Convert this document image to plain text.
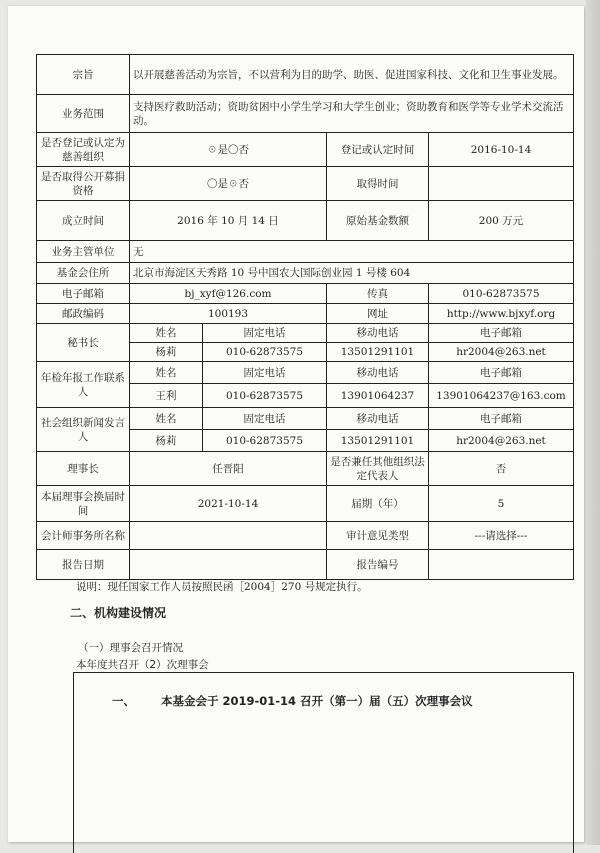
宗旨	以开展慈善活动为宗旨，不以营利为目的助学、助医、促进国家科技、文化和卫生事业发展。			
业务范围	支持医疗救助活动；资助贫困中小学生学习和大学生创业；资助教育和医学等专业学术交流活动。			
是否登记或认定为慈善组织	☉是〇否		登记或认定时间	2016-10-14
是否取得公开募捐资格	〇是☉否		取得时间	
成立时间	2016 年 10 月 14 日		原始基金数额	200 万元
业务主管单位	无			
基金会住所	北京市海淀区天秀路 10 号中国农大国际创业园 1 号楼 604			
电子邮箱	bj_xyf@126.com		传真	010-62873575
邮政编码	100193		网址	http://www.bjxyf.org
秘书长	姓名	固定电话	移动电话	电子邮箱
	杨莉	010-62873575	13501291101	hr2004@263.net
年检年报工作联系人	姓名	固定电话	移动电话	电子邮箱
	王利	010-62873575	13901064237	13901064237@163.com
社会组织新闻发言人	姓名	固定电话	移动电话	电子邮箱
	杨莉	010-62873575	13501291101	hr2004@263.net
理事长	任晋阳		是否兼任其他组织法定代表人	否
本届理事会换届时间	2021-10-14		届期（年）	5
会计师事务所名称			审计意见类型	---请选择---
报告日期			报告编号	
说明：现任国家工作人员按照民函［2004］270 号规定执行。
二、机构建设情况
（一）理事会召开情况
本年度共召开（2）次理事会
一、 本基金会于 2019-01-14 召开（第一）届（五）次理事会议
